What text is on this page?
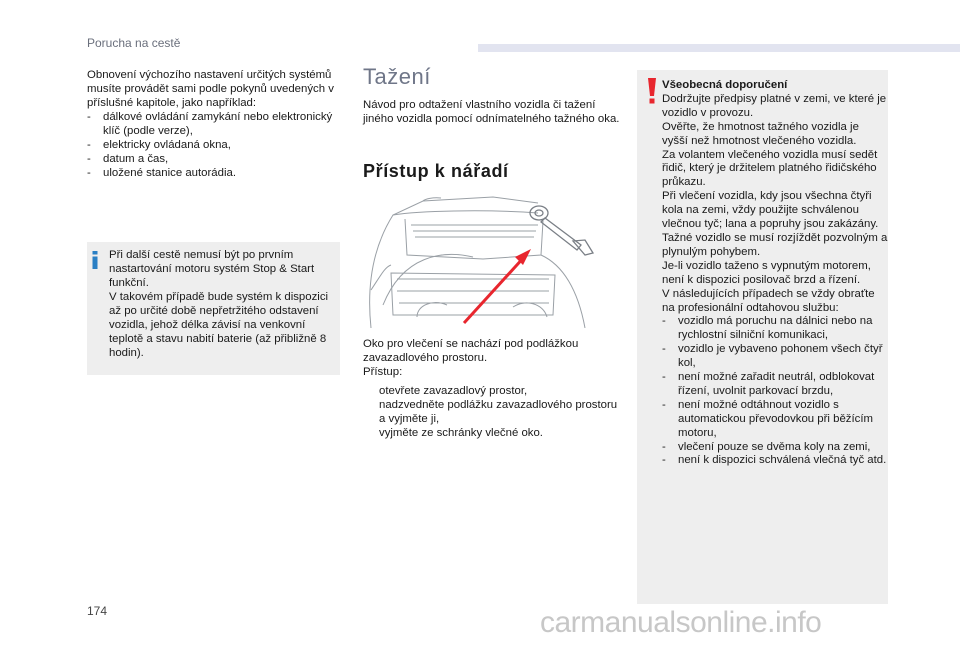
Porucha na cestě

Obnovení výchozího nastavení určitých systémů musíte provádět sami podle pokynů uvedených v příslušné kapitole, jako například:

- dálkové ovládání zamykání nebo elektronický klíč (podle verze),
- elektricky ovládaná okna,
- datum a čas,
- uložené stanice autorádia.

Při další cestě nemusí být po prvním nastartování motoru systém Stop & Start funkční.

V takovém případě bude systém k dispozici až po určité době nepřetržitého odstavení vozidla, jehož délka závisí na venkovní teplotě a stavu nabití baterie (až přibližně 8 hodin).

Tažení
Návod pro odtažení vlastního vozidla či tažení jiného vozidla pomocí odnímatelného tažného oka.
Přístup k nářadí

Oko pro vlečení se nachází pod podlážkou zavazadlového prostoru.

Přístup:

otevřete zavazadlový prostor,
nadzvedněte podlážku zavazadlového prostoru a vyjměte ji,
vyjměte ze schránky vlečné oko.

Všeobecná doporučení

Dodržujte předpisy platné v zemi, ve které je vozidlo v provozu.

Ověřte, že hmotnost tažného vozidla je vyšší než hmotnost vlečeného vozidla.

Za volantem vlečeného vozidla musí sedět řidič, který je držitelem platného řidičského průkazu.

Při vlečení vozidla, kdy jsou všechna čtyři kola na zemi, vždy použijte schválenou vlečnou tyč; lana a popruhy jsou zakázány.

Tažné vozidlo se musí rozjíždět pozvolným a plynulým pohybem.

Je-li vozidlo taženo s vypnutým motorem, není k dispozici posilovač brzd a řízení.

V následujících případech se vždy obraťte na profesionální odtahovou službu:

- vozidlo má poruchu na dálnici nebo na rychlostní silniční komunikaci,
- vozidlo je vybaveno pohonem všech čtyř kol,
- není možné zařadit neutrál, odblokovat řízení, uvolnit parkovací brzdu,
- není možné odtáhnout vozidlo s automatickou převodovkou při běžícím motoru,
- vlečení pouze se dvěma koly na zemi,
- není k dispozici schválená vlečná tyč atd.
174	carmanualsonline.info
